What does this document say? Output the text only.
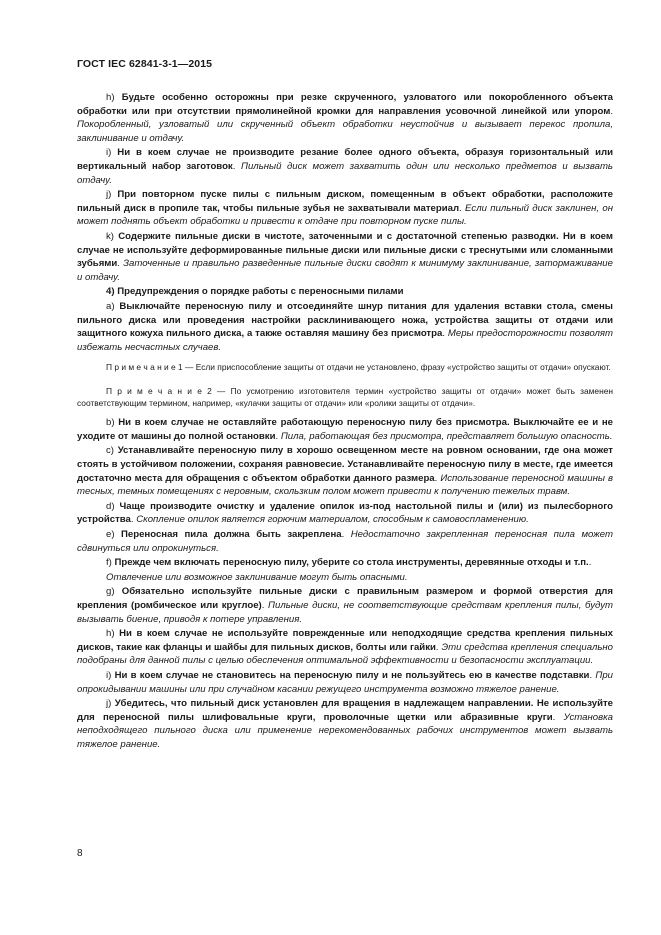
ГОСТ IEC 62841-3-1—2015

h) Будьте особенно осторожны при резке скрученного, узловатого или покоробленного объекта обработки или при отсутствии прямолинейной кромки для направления усовочной линейкой или упором. Покоробленный, узловатый или скрученный объект обработки неустойчив и вызывает перекос пропила, заклинивание и отдачу.

i) Ни в коем случае не производите резание более одного объекта, образуя горизонтальный или вертикальный набор заготовок. Пильный диск может захватить один или несколько предметов и вызвать отдачу.

j) При повторном пуске пилы с пильным диском, помещенным в объект обработки, расположите пильный диск в пропиле так, чтобы пильные зубья не захватывали материал. Если пильный диск заклинен, он может поднять объект обработки и привести к отдаче при повторном пуске пилы.

k) Содержите пильные диски в чистоте, заточенными и с достаточной степенью разводки. Ни в коем случае не используйте деформированные пильные диски или пильные диски с треснутыми или сломанными зубьями. Заточенные и правильно разведенные пильные диски сводят к минимуму заклинивание, затормаживание и отдачу.

4) Предупреждения о порядке работы с переносными пилами

a) Выключайте переносную пилу и отсоединяйте шнур питания для удаления вставки стола, смены пильного диска или проведения настройки расклинивающего ножа, устройства защиты от отдачи или защитного кожуха пильного диска, а также оставляя машину без присмотра. Меры предосторожности позволят избежать несчастных случаев.

П р и м е ч а н и е 1 — Если приспособление защиты от отдачи не установлено, фразу «устройство защиты от отдачи» опускают.

П р и м е ч а н и е 2 — По усмотрению изготовителя термин «устройство защиты от отдачи» может быть заменен соответствующим термином, например, «кулачки защиты от отдачи» или «ролики защиты от отдачи».

b) Ни в коем случае не оставляйте работающую переносную пилу без присмотра. Выключайте ее и не уходите от машины до полной остановки. Пила, работающая без присмотра, представляет большую опасность.

c) Устанавливайте переносную пилу в хорошо освещенном месте на ровном основании, где она может стоять в устойчивом положении, сохраняя равновесие. Устанавливайте переносную пилу в месте, где имеется достаточно места для обращения с объектом обработки данного размера. Использование переносной машины в тесных, темных помещениях с неровным, скользким полом может привести к получению тежелых травм.

d) Чаще производите очистку и удаление опилок из-под настольной пилы и (или) из пылесборного устройства. Скопление опилок является горючим материалом, способным к самовоспламенению.

e) Переносная пила должна быть закреплена. Недостаточно закрепленная переносная пила может сдвинуться или опрокинуться.

f) Прежде чем включать переносную пилу, уберите со стола инструменты, деревянные отходы и т.п..

Отвлечение или возможное заклинивание могут быть опасными.

g) Обязательно используйте пильные диски с правильным размером и формой отверстия для крепления (ромбическое или круглое). Пильные диски, не соответствующие средствам крепления пилы, будут вызывать биение, приводя к потере управления.

h) Ни в коем случае не используйте поврежденные или неподходящие средства крепления пильных дисков, такие как фланцы и шайбы для пильных дисков, болты или гайки. Эти средства крепления специально подобраны для данной пилы с целью обеспечения оптимальной эффективности и безопасности эксплуатации.

i) Ни в коем случае не становитесь на переносную пилу и не пользуйтесь ею в качестве подставки. При опрокидывании машины или при случайном касании режущего инструмента возможно тяжелое ранение.

j) Убедитесь, что пильный диск установлен для вращения в надлежащем направлении. Не используйте для переносной пилы шлифовальные круги, проволочные щетки или абразивные круги. Установка неподходящего пильного диска или применение нерекомендованных рабочих инструментов может вызвать тяжелое ранение.

8
